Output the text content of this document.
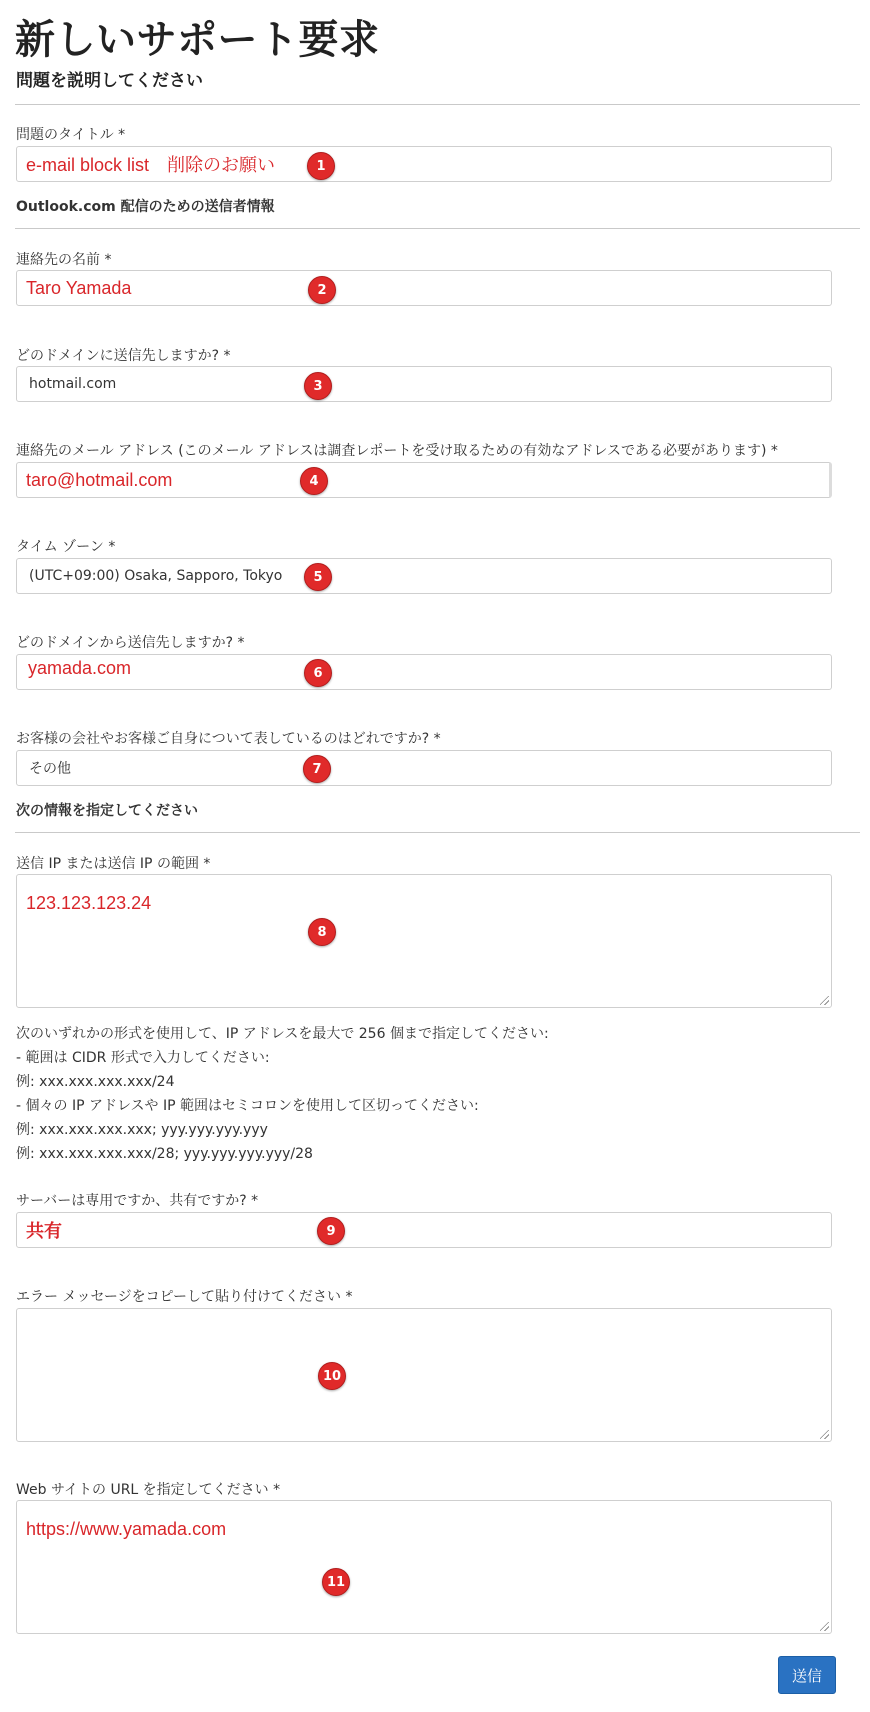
新しいサポート要求
問題を説明してください
問題のタイトル *
e-mail block list　削除のお願い	1
Outlook.com 配信のための送信者情報
連絡先の名前 *
Taro Yamada	2
どのドメインに送信先しますか? *
hotmail.com	3
連絡先のメール アドレス (このメール アドレスは調査レポートを受け取るための有効なアドレスである必要があります) *
taro@hotmail.com	4
タイム ゾーン *
(UTC+09:00) Osaka, Sapporo, Tokyo	5
どのドメインから送信先しますか? *
yamada.com	6
お客様の会社やお客様ご自身について表しているのはどれですか? *
その他	7
次の情報を指定してください
送信 IP または送信 IP の範囲 *
123.123.123.24
8
次のいずれかの形式を使用して、IP アドレスを最大で 256 個まで指定してください:
- 範囲は CIDR 形式で入力してください:
例: xxx.xxx.xxx.xxx/24
- 個々の IP アドレスや IP 範囲はセミコロンを使用して区切ってください:
例: xxx.xxx.xxx.xxx; yyy.yyy.yyy.yyy
例: xxx.xxx.xxx.xxx/28; yyy.yyy.yyy.yyy/28
サーバーは専用ですか、共有ですか? *
共有	9
エラー メッセージをコピーして貼り付けてください *
10
Web サイトの URL を指定してください *
https://www.yamada.com
11
送信
